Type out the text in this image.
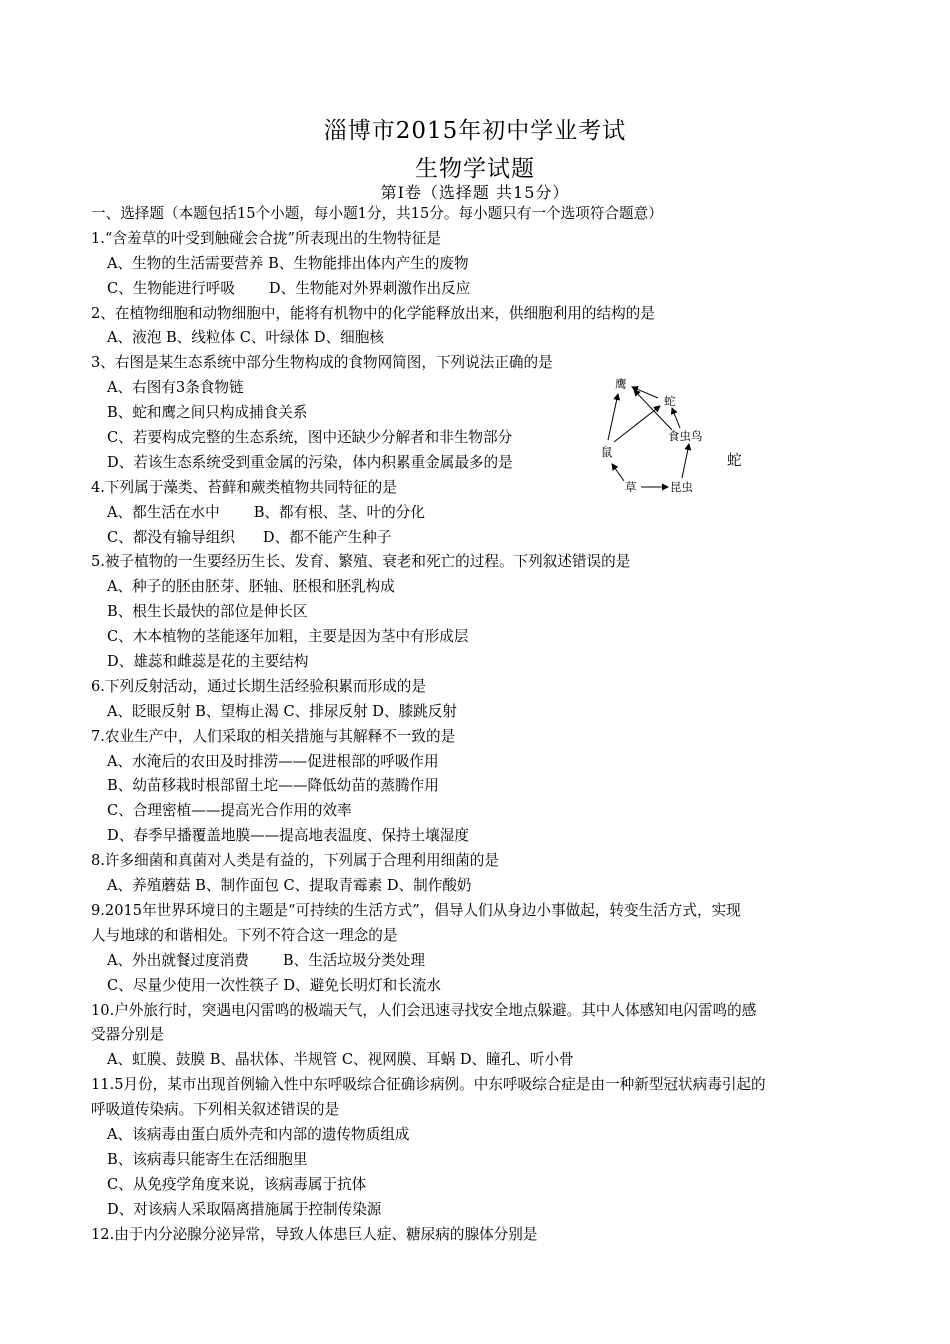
淄博市2015年初中学业考试
生物学试题
第Ⅰ卷（选择题 共15分）
一、选择题（本题包括15个小题，每小题1分，共15分。每小题只有一个选项符合题意）
1.“含羞草的叶受到触碰会合拢”所表现出的生物特征是
A、生物的生活需要营养 B、生物能排出体内产生的废物
C、生物能进行呼吸 D、生物能对外界刺激作出反应
2、在植物细胞和动物细胞中，能将有机物中的化学能释放出来，供细胞利用的结构的是
A、液泡 B、线粒体 C、叶绿体 D、细胞核
3、右图是某生态系统中部分生物构成的食物网简图，下列说法正确的是
A、右图有3条食物链
B、蛇和鹰之间只构成捕食关系
C、若要构成完整的生态系统，图中还缺少分解者和非生物部分
D、若该生态系统受到重金属的污染，体内积累重金属最多的是
4.下列属于藻类、苔藓和蕨类植物共同特征的是
A、都生活在水中 B、都有根、茎、叶的分化
C、都没有输导组织 D、都不能产生种子
5.被子植物的一生要经历生长、发育、繁殖、衰老和死亡的过程。下列叙述错误的是
A、种子的胚由胚芽、胚轴、胚根和胚乳构成
B、根生长最快的部位是伸长区
C、木本植物的茎能逐年加粗，主要是因为茎中有形成层
D、雄蕊和雌蕊是花的主要结构
6.下列反射活动，通过长期生活经验积累而形成的是
A、眨眼反射 B、望梅止渴 C、排尿反射 D、膝跳反射
7.农业生产中，人们采取的相关措施与其解释不一致的是
A、水淹后的农田及时排涝——促进根部的呼吸作用
B、幼苗移栽时根部留土坨——降低幼苗的蒸腾作用
C、合理密植——提高光合作用的效率
D、春季早播覆盖地膜——提高地表温度、保持土壤湿度
8.许多细菌和真菌对人类是有益的，下列属于合理利用细菌的是
A、养殖蘑菇 B、制作面包 C、提取青霉素 D、制作酸奶
9.2015年世界环境日的主题是“可持续的生活方式”，倡导人们从身边小事做起，转变生活方式，实现
人与地球的和谐相处。下列不符合这一理念的是
A、外出就餐过度消费 B、生活垃圾分类处理
C、尽量少使用一次性筷子 D、避免长明灯和长流水
10.户外旅行时，突遇电闪雷鸣的极端天气，人们会迅速寻找安全地点躲避。其中人体感知电闪雷鸣的感
受器分别是
A、虹膜、鼓膜 B、晶状体、半规管 C、视网膜、耳蜗 D、瞳孔、听小骨
11.5月份，某市出现首例输入性中东呼吸综合征确诊病例。中东呼吸综合症是由一种新型冠状病毒引起的
呼吸道传染病。下列相关叙述错误的是
A、该病毒由蛋白质外壳和内部的遗传物质组成
B、该病毒只能寄生在活细胞里
C、从免疫学角度来说，该病毒属于抗体
D、对该病人采取隔离措施属于控制传染源
12.由于内分泌腺分泌异常，导致人体患巨人症、糖尿病的腺体分别是
蛇
鹰
蛇
食虫鸟
鼠
草	昆虫
